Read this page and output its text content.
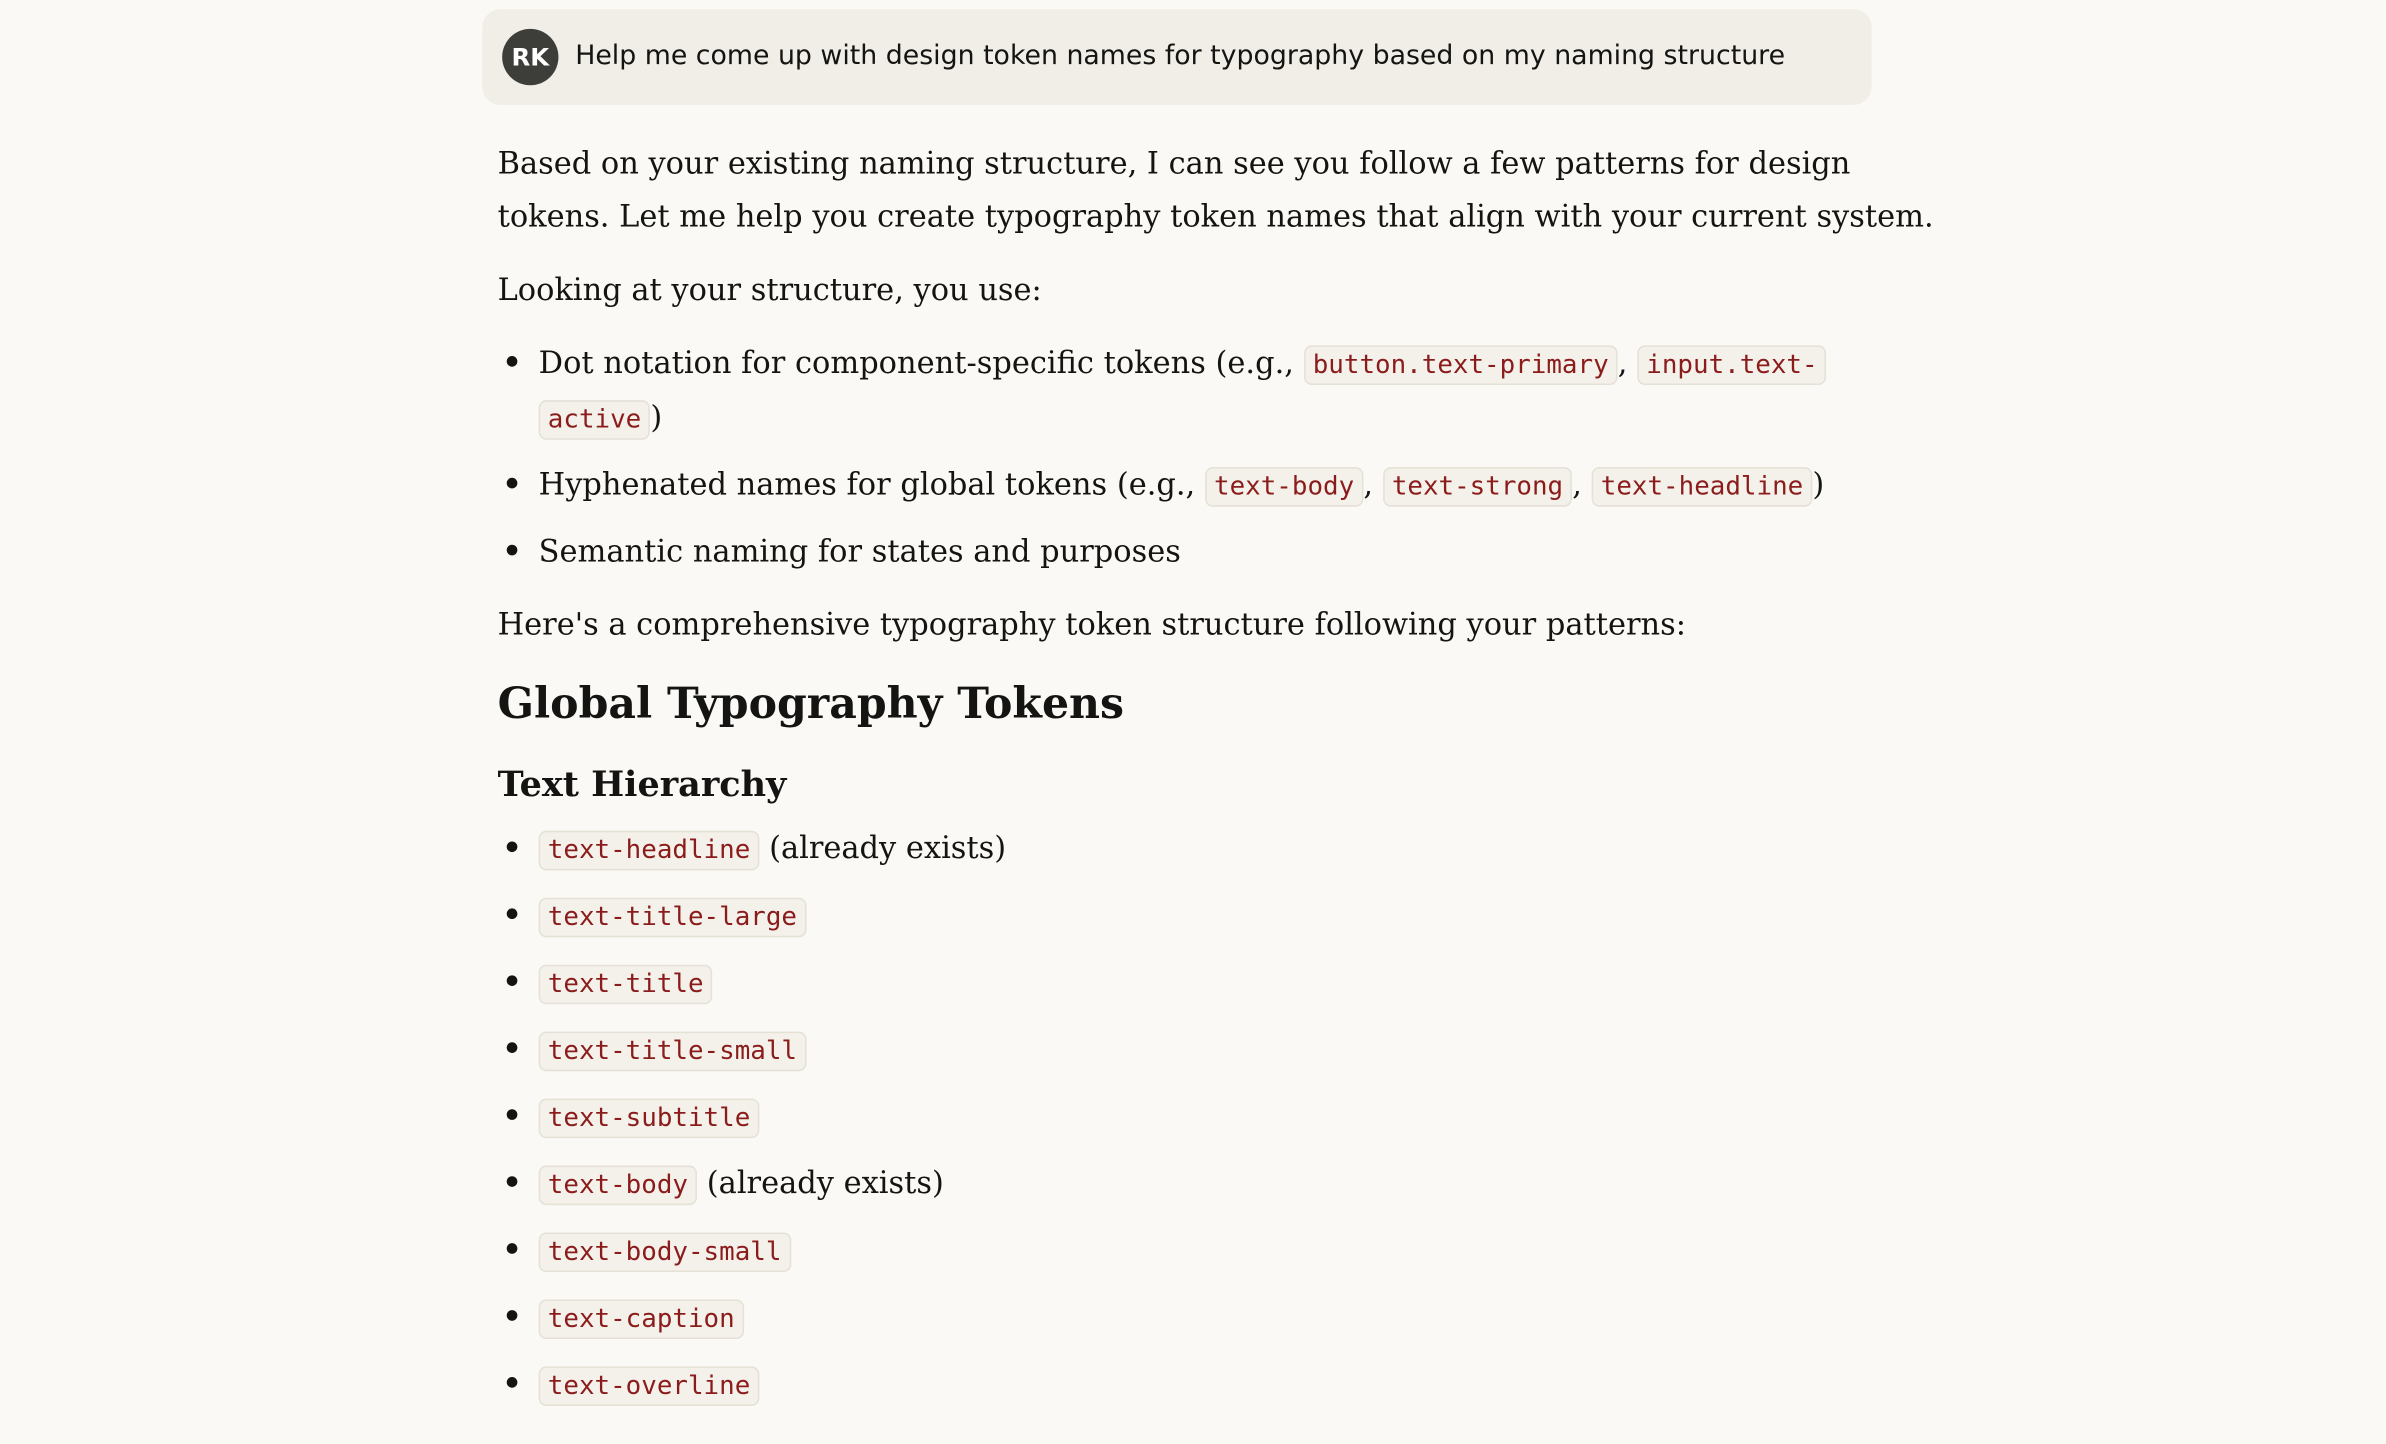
RK	Help me come up with design token names for typography based on my naming structure

Based on your existing naming structure, I can see you follow a few patterns for design

tokens. Let me help you create typography token names that align with your current system.

Looking at your structure, you use:

Dot notation for component-specific tokens (e.g., button.text-primary , input.text-
active )
Hyphenated names for global tokens (e.g., text-body , text-strong , text-headline )
Semantic naming for states and purposes

Here's a comprehensive typography token structure following your patterns:

Global Typography Tokens
Text Hierarchy
text-headline (already exists)
text-title-large
text-title
text-title-small
text-subtitle
text-body (already exists)
text-body-small
text-caption
text-overline
